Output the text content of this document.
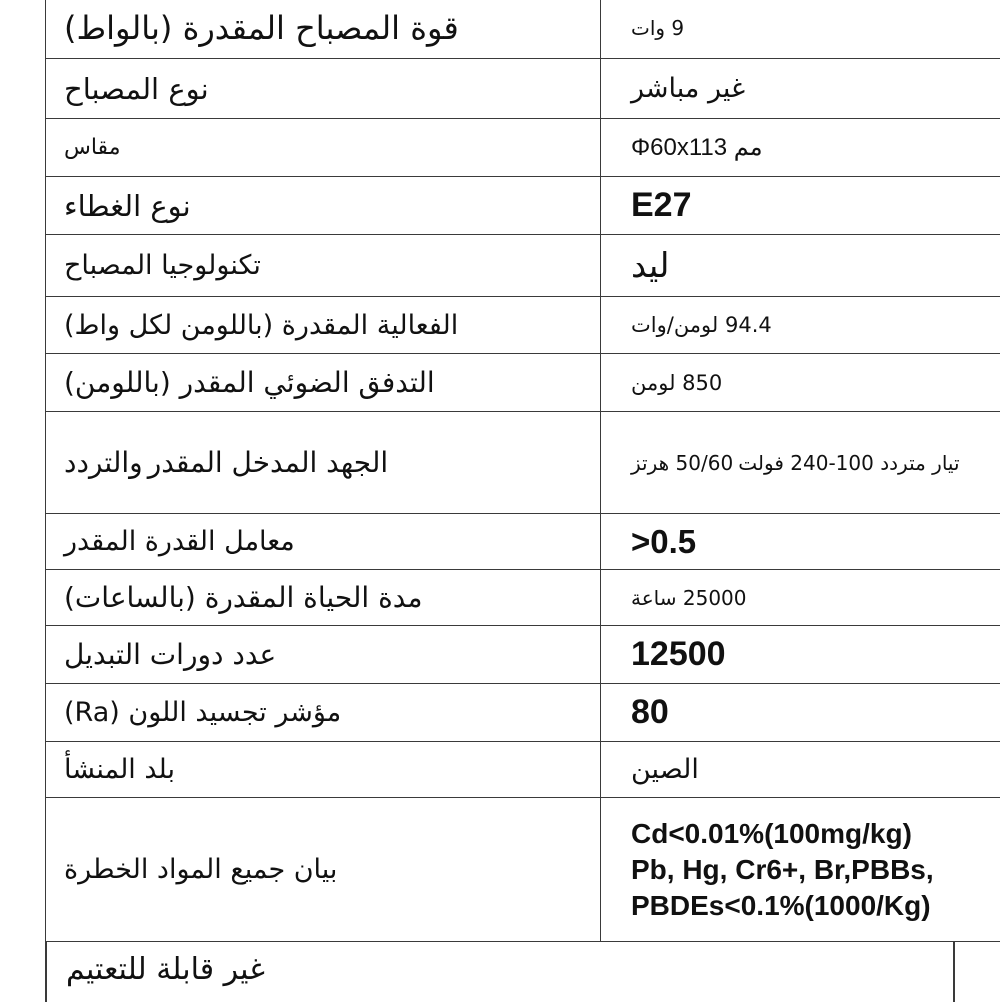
قوة المصباح المقدرة (بالواط)	9 وات
نوع المصباح	غير مباشر
مقاس	Φ60x113 مم
نوع الغطاء	E27
تكنولوجيا المصباح	ليد
الفعالية المقدرة (باللومن لكل واط)	94.4 لومن/وات
التدفق الضوئي المقدر (باللومن)	850 لومن
الجهد المدخل المقدر والتردد	تيار متردد 100-240 فولت 50/60 هرتز
معامل القدرة المقدر	>0.5
مدة الحياة المقدرة (بالساعات)	25000 ساعة
عدد دورات التبديل	12500
مؤشر تجسيد اللون (Ra)	80
بلد المنشأ	الصين
بيان جميع المواد الخطرة	Cd<0.01%(100mg/kg)
Pb, Hg, Cr6+, Br,PBBs,
PBDEs<0.1%(1000/Kg)
غير قابلة للتعتيم
